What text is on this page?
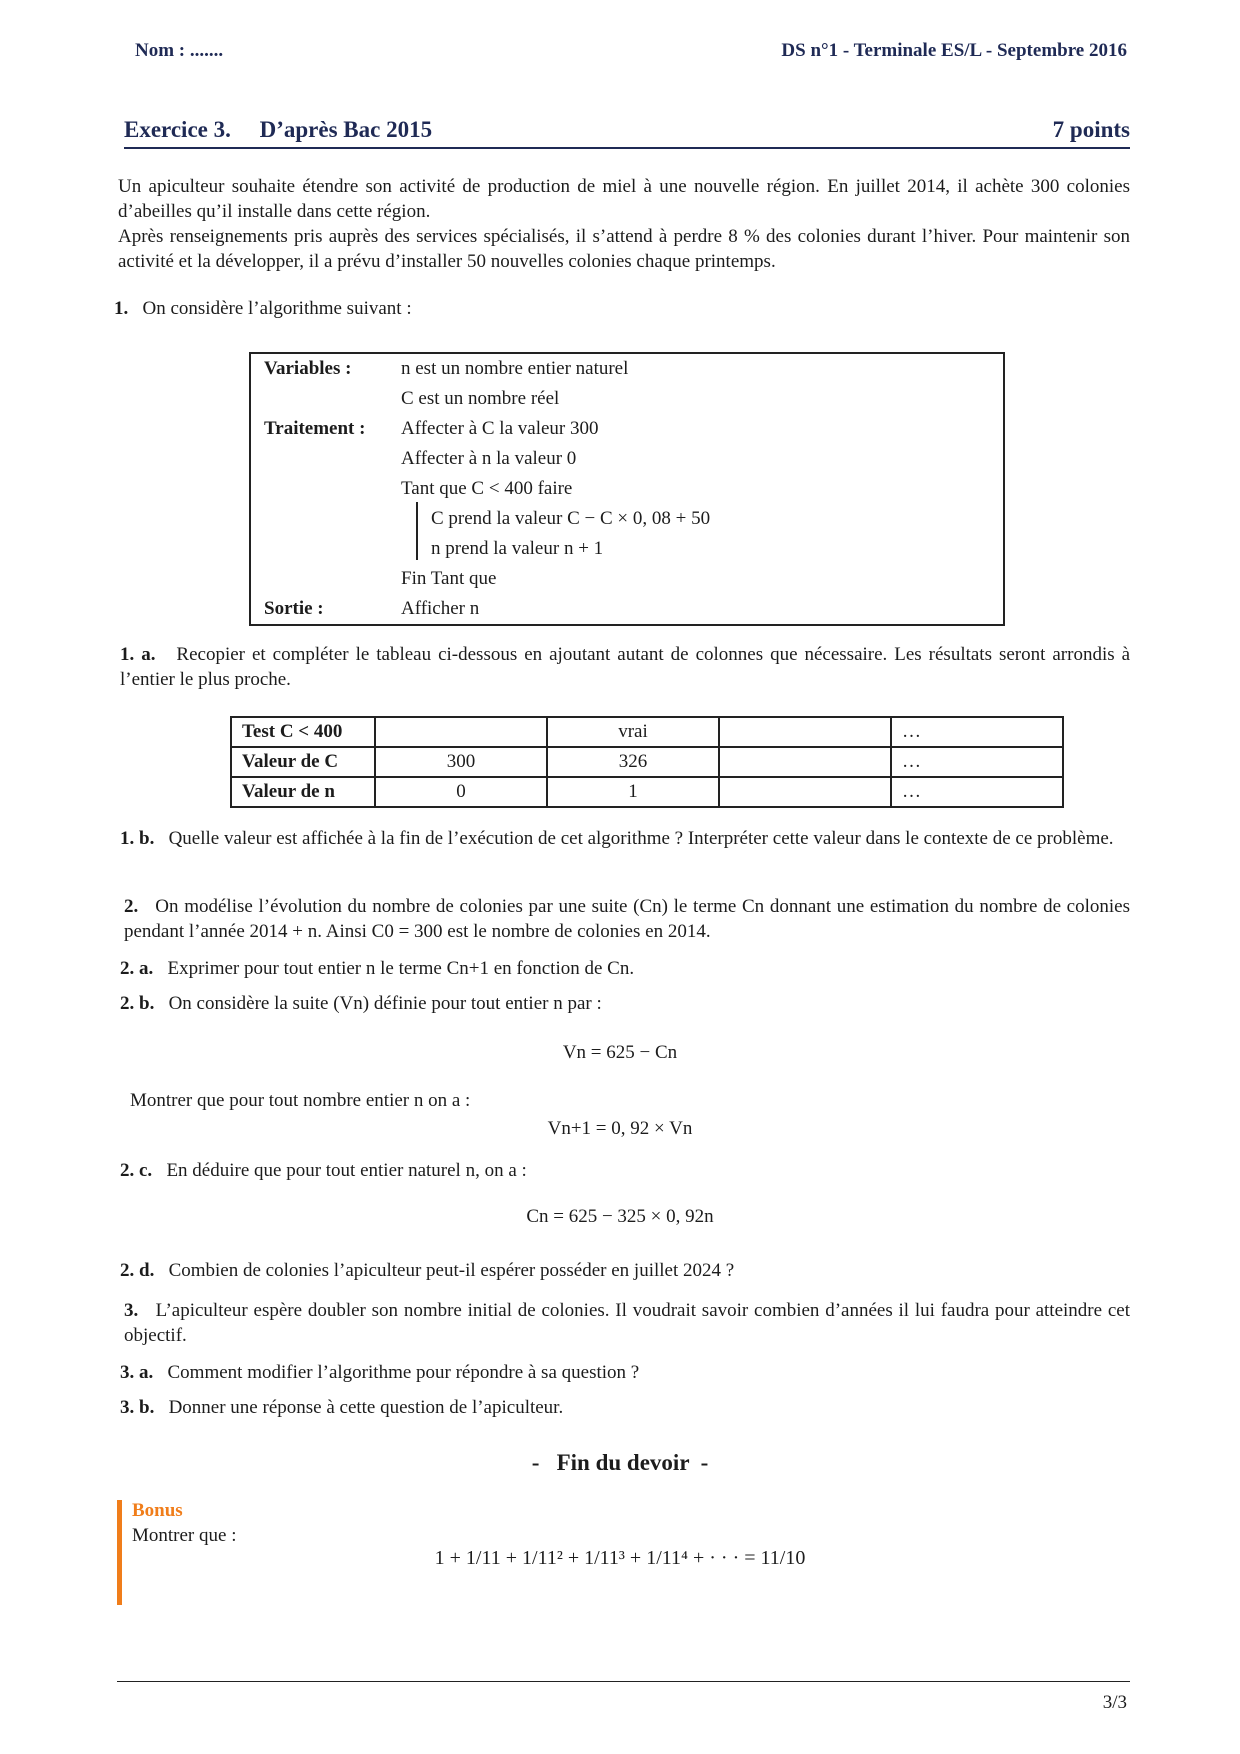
Nom : .......	DS n°1 - Terminale ES/L - Septembre 2016
Exercice 3.     D’après Bac 2015	7 points
Un apiculteur souhaite étendre son activité de production de miel à une nouvelle région. En juillet 2014, il achète 300 colonies d’abeilles qu’il installe dans cette région.
Après renseignements pris auprès des services spécialisés, il s’attend à perdre 8 % des colonies durant l’hiver. Pour maintenir son activité et la développer, il a prévu d’installer 50 nouvelles colonies chaque printemps.
1. On considère l’algorithme suivant :
Variables :	n est un nombre entier naturel
C est un nombre réel
Traitement : Affecter à C la valeur 300
Affecter à n la valeur 0
Tant que C < 400 faire
C prend la valeur C − C × 0, 08 + 50
n prend la valeur n + 1
Fin Tant que
Sortie :	Afficher n
1. a. Recopier et compléter le tableau ci-dessous en ajoutant autant de colonnes que nécessaire. Les résultats seront arrondis à l’entier le plus proche.
Test C < 400		vrai		…
Valeur de C	300	326		…
Valeur de n	0	1		…
1. b. Quelle valeur est affichée à la fin de l’exécution de cet algorithme ? Interpréter cette valeur dans le contexte de ce problème.
2. On modélise l’évolution du nombre de colonies par une suite (Cn) le terme Cn donnant une estimation du nombre de colonies pendant l’année 2014 + n. Ainsi C0 = 300 est le nombre de colonies en 2014.
2. a. Exprimer pour tout entier n le terme Cn+1 en fonction de Cn.
2. b. On considère la suite (Vn) définie pour tout entier n par :
Vn = 625 − Cn
Montrer que pour tout nombre entier n on a :
Vn+1 = 0, 92 × Vn
2. c. En déduire que pour tout entier naturel n, on a :
Cn = 625 − 325 × 0, 92n
2. d. Combien de colonies l’apiculteur peut-il espérer posséder en juillet 2024 ?
3. L’apiculteur espère doubler son nombre initial de colonies. Il voudrait savoir combien d’années il lui faudra pour atteindre cet objectif.
3. a. Comment modifier l’algorithme pour répondre à sa question ?
3. b. Donner une réponse à cette question de l’apiculteur.
-   Fin du devoir  -
Bonus
Montrer que :
1 + 1/11 + 1/11² + 1/11³ + 1/11⁴ + · · · = 11/10
3/3
